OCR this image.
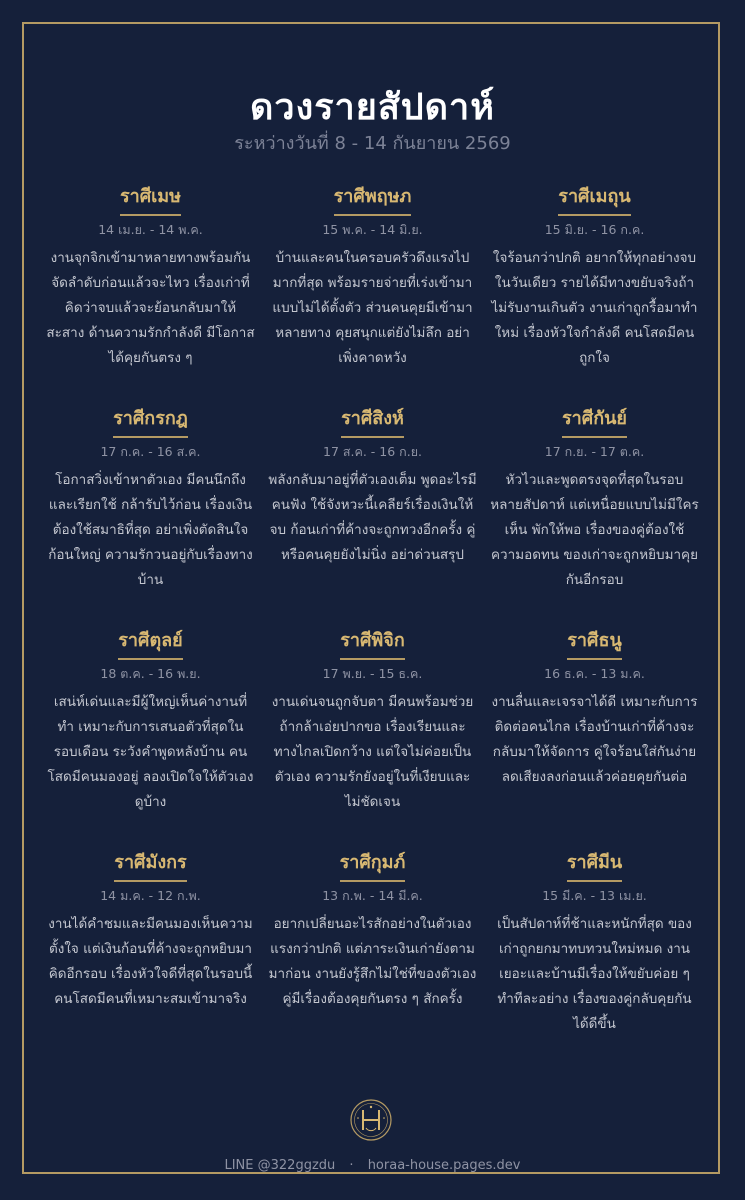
ดวงรายสัปดาห์
ระหว่างวันที่ 8 - 14 กันยายน 2569
ราศีเมษ
14 เม.ย. - 14 พ.ค.
งานจุกจิกเข้ามาหลายทางพร้อมกัน จัดลำดับก่อนแล้วจะไหว เรื่องเก่าที่คิดว่าจบแล้วจะย้อนกลับมาให้สะสาง ด้านความรักกำลังดี มีโอกาสได้คุยกันตรง ๆ
ราศีพฤษภ
15 พ.ค. - 14 มิ.ย.
บ้านและคนในครอบครัวดึงแรงไปมากที่สุด พร้อมรายจ่ายที่เร่งเข้ามาแบบไม่ได้ตั้งตัว ส่วนคนคุยมีเข้ามาหลายทาง คุยสนุกแต่ยังไม่ลึก อย่าเพิ่งคาดหวัง
ราศีเมถุน
15 มิ.ย. - 16 ก.ค.
ใจร้อนกว่าปกติ อยากให้ทุกอย่างจบในวันเดียว รายได้มีทางขยับจริงถ้าไม่รับงานเกินตัว งานเก่าถูกรื้อมาทำใหม่ เรื่องหัวใจกำลังดี คนโสดมีคนถูกใจ
ราศีกรกฎ
17 ก.ค. - 16 ส.ค.
โอกาสวิ่งเข้าหาตัวเอง มีคนนึกถึงและเรียกใช้ กล้ารับไว้ก่อน เรื่องเงินต้องใช้สมาธิที่สุด อย่าเพิ่งตัดสินใจก้อนใหญ่ ความรักวนอยู่กับเรื่องทางบ้าน
ราศีสิงห์
17 ส.ค. - 16 ก.ย.
พลังกลับมาอยู่ที่ตัวเองเต็ม พูดอะไรมีคนฟัง ใช้จังหวะนี้เคลียร์เรื่องเงินให้จบ ก้อนเก่าที่ค้างจะถูกทวงอีกครั้ง คู่หรือคนคุยยังไม่นิ่ง อย่าด่วนสรุป
ราศีกันย์
17 ก.ย. - 17 ต.ค.
หัวไวและพูดตรงจุดที่สุดในรอบหลายสัปดาห์ แต่เหนื่อยแบบไม่มีใครเห็น พักให้พอ เรื่องของคู่ต้องใช้ความอดทน ของเก่าจะถูกหยิบมาคุยกันอีกรอบ
ราศีตุลย์
18 ต.ค. - 16 พ.ย.
เสน่ห์เด่นและมีผู้ใหญ่เห็นค่างานที่ทำ เหมาะกับการเสนอตัวที่สุดในรอบเดือน ระวังคำพูดหลังบ้าน คนโสดมีคนมองอยู่ ลองเปิดใจให้ตัวเองดูบ้าง
ราศีพิจิก
17 พ.ย. - 15 ธ.ค.
งานเด่นจนถูกจับตา มีคนพร้อมช่วยถ้ากล้าเอ่ยปากขอ เรื่องเรียนและทางไกลเปิดกว้าง แต่ใจไม่ค่อยเป็นตัวเอง ความรักยังอยู่ในที่เงียบและไม่ชัดเจน
ราศีธนู
16 ธ.ค. - 13 ม.ค.
งานลื่นและเจรจาได้ดี เหมาะกับการติดต่อคนไกล เรื่องบ้านเก่าที่ค้างจะกลับมาให้จัดการ คู่ใจร้อนใส่กันง่าย ลดเสียงลงก่อนแล้วค่อยคุยกันต่อ
ราศีมังกร
14 ม.ค. - 12 ก.พ.
งานได้คำชมและมีคนมองเห็นความตั้งใจ แต่เงินก้อนที่ค้างจะถูกหยิบมาคิดอีกรอบ เรื่องหัวใจดีที่สุดในรอบนี้ คนโสดมีคนที่เหมาะสมเข้ามาจริง
ราศีกุมภ์
13 ก.พ. - 14 มี.ค.
อยากเปลี่ยนอะไรสักอย่างในตัวเองแรงกว่าปกติ แต่ภาระเงินเก่ายังตามมาก่อน งานยังรู้สึกไม่ใช่ที่ของตัวเอง คู่มีเรื่องต้องคุยกันตรง ๆ สักครั้ง
ราศีมีน
15 มี.ค. - 13 เม.ย.
เป็นสัปดาห์ที่ช้าและหนักที่สุด ของเก่าถูกยกมาทบทวนใหม่หมด งานเยอะและบ้านมีเรื่องให้ขยับค่อย ๆ ทำทีละอย่าง เรื่องของคู่กลับคุยกันได้ดีขึ้น
LINE @322ggzdu · horaa-house.pages.dev
